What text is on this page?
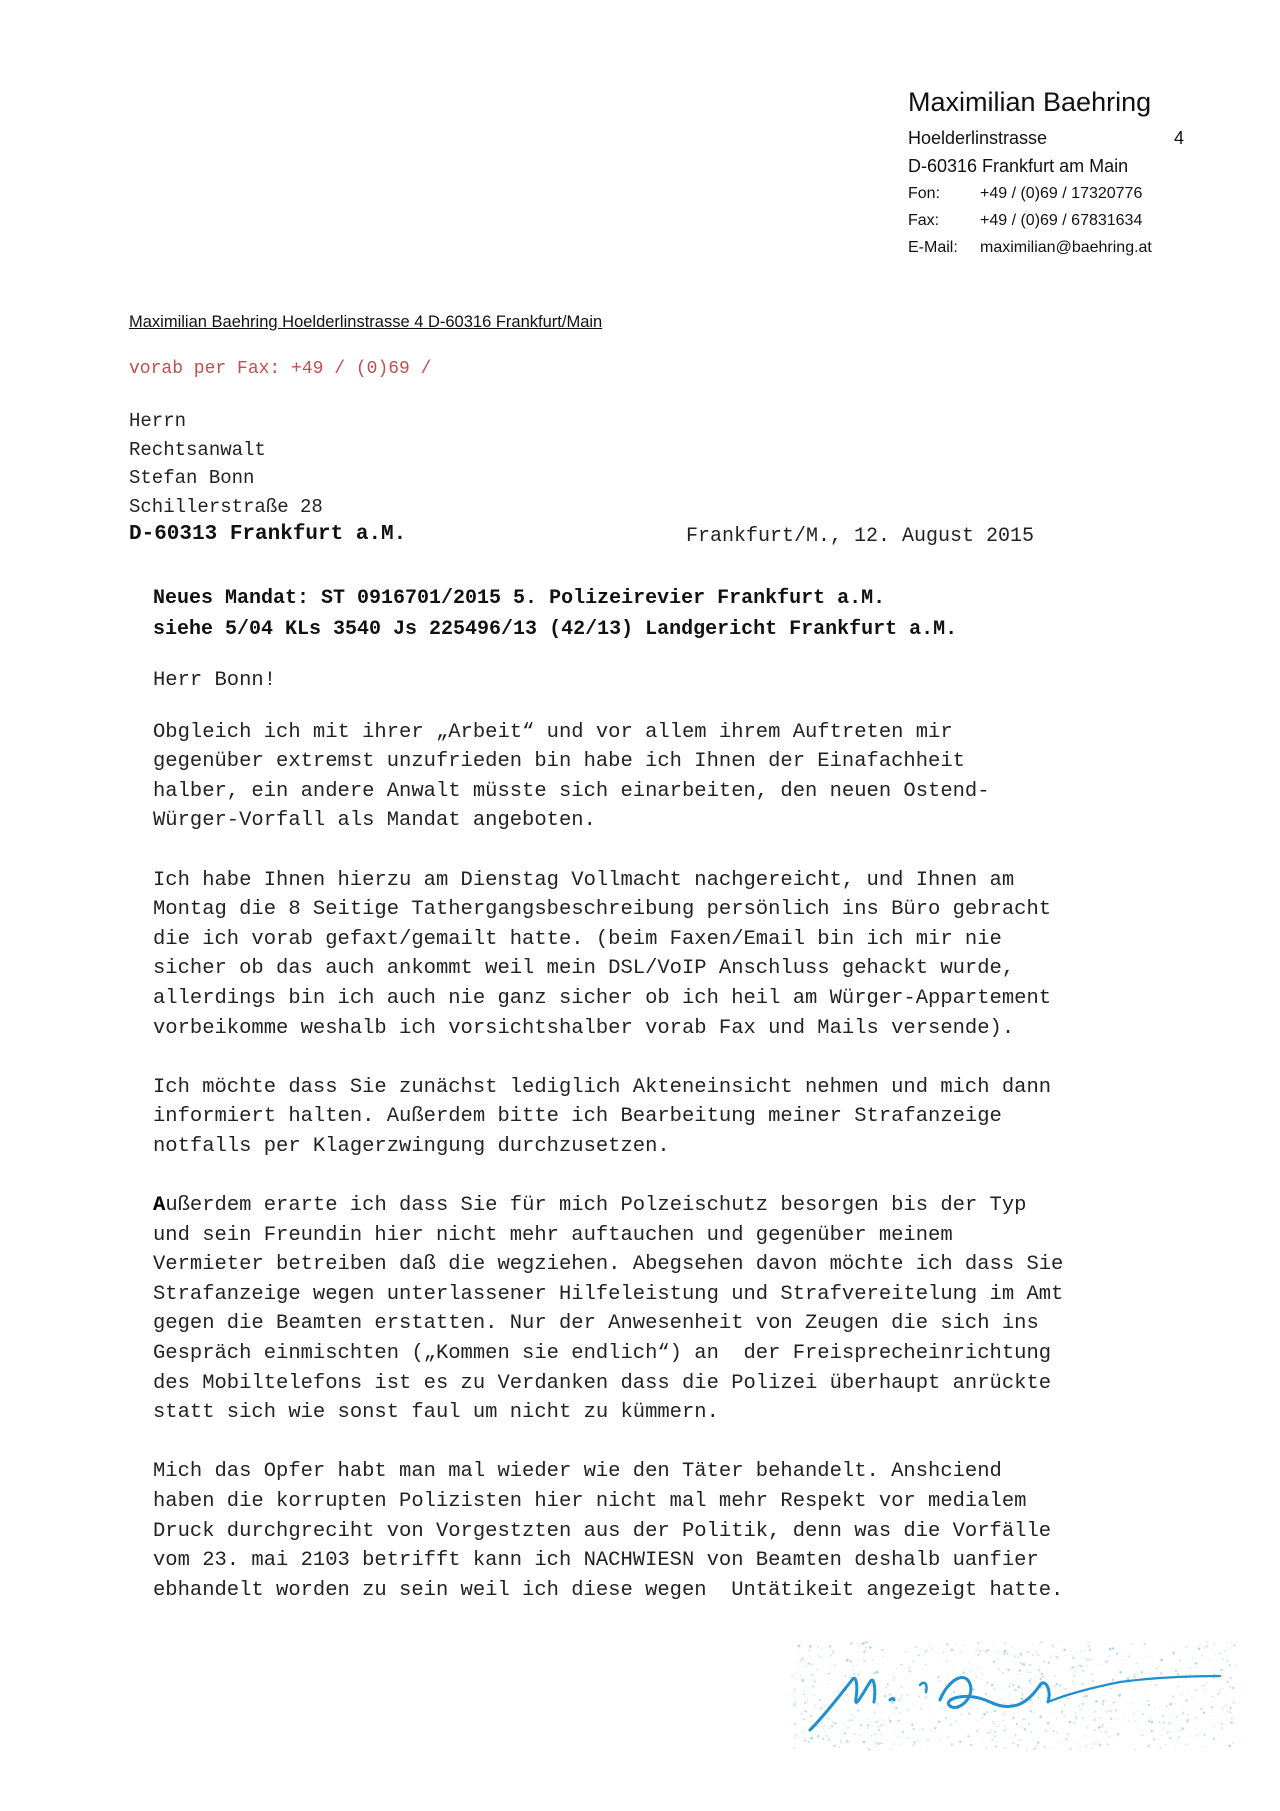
Maximilian Baehring
Hoelderlinstrasse	4
D-60316 Frankfurt am Main
Fon:	+49 / (0)69 / 17320776
Fax:	+49 / (0)69 / 67831634
E-Mail:	maximilian@baehring.at
Maximilian Baehring Hoelderlinstrasse 4 D-60316 Frankfurt/Main
vorab per Fax: +49 / (0)69 /
Herrn
Rechtsanwalt
Stefan Bonn
Schillerstraße 28
D-60313 Frankfurt a.M.	Frankfurt/M., 12. August 2015
Neues Mandat: ST 0916701/2015 5. Polizeirevier Frankfurt a.M.
siehe 5/04 KLs 3540 Js 225496/13 (42/13) Landgericht Frankfurt a.M.
Herr Bonn!
Obgleich ich mit ihrer „Arbeit“ und vor allem ihrem Auftreten mir
gegenüber extremst unzufrieden bin habe ich Ihnen der Einafachheit
halber, ein andere Anwalt müsste sich einarbeiten, den neuen Ostend-
Würger-Vorfall als Mandat angeboten.
Ich habe Ihnen hierzu am Dienstag Vollmacht nachgereicht, und Ihnen am
Montag die 8 Seitige Tathergangsbeschreibung persönlich ins Büro gebracht
die ich vorab gefaxt/gemailt hatte. (beim Faxen/Email bin ich mir nie
sicher ob das auch ankommt weil mein DSL/VoIP Anschluss gehackt wurde,
allerdings bin ich auch nie ganz sicher ob ich heil am Würger-Appartement
vorbeikomme weshalb ich vorsichtshalber vorab Fax und Mails versende).
Ich möchte dass Sie zunächst lediglich Akteneinsicht nehmen und mich dann
informiert halten. Außerdem bitte ich Bearbeitung meiner Strafanzeige
notfalls per Klagerzwingung durchzusetzen.
Außerdem erarte ich dass Sie für mich Polzeischutz besorgen bis der Typ
und sein Freundin hier nicht mehr auftauchen und gegenüber meinem
Vermieter betreiben daß die wegziehen. Abegsehen davon möchte ich dass Sie
Strafanzeige wegen unterlassener Hilfeleistung und Strafvereitelung im Amt
gegen die Beamten erstatten. Nur der Anwesenheit von Zeugen die sich ins
Gespräch einmischten („Kommen sie endlich“) an  der Freisprecheinrichtung
des Mobiltelefons ist es zu Verdanken dass die Polizei überhaupt anrückte
statt sich wie sonst faul um nicht zu kümmern.
Mich das Opfer habt man mal wieder wie den Täter behandelt. Anshciend
haben die korrupten Polizisten hier nicht mal mehr Respekt vor medialem
Druck durchgreciht von Vorgestzten aus der Politik, denn was die Vorfälle
vom 23. mai 2103 betrifft kann ich NACHWIESN von Beamten deshalb uanfier
ebhandelt worden zu sein weil ich diese wegen  Untätikeit angezeigt hatte.
